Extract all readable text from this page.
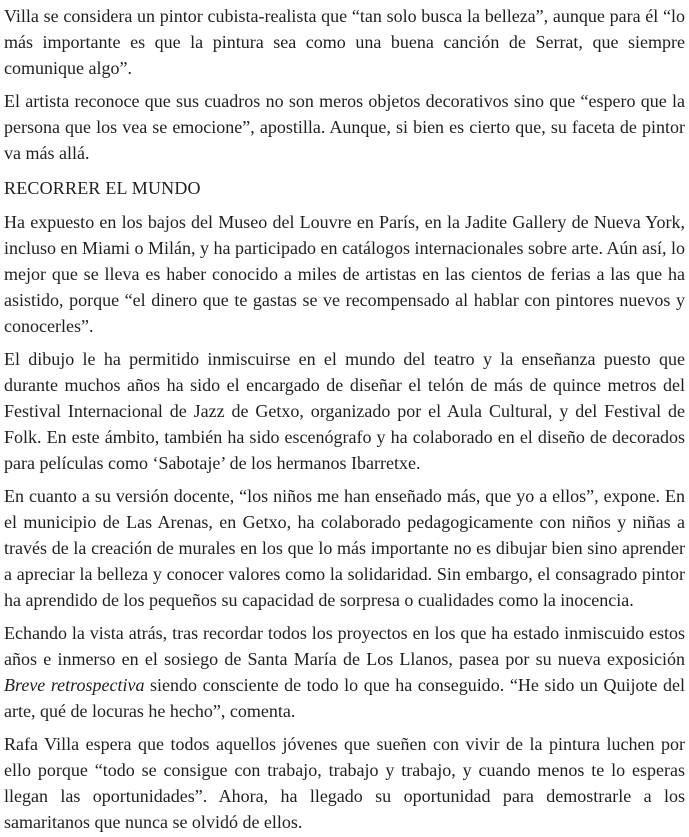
Villa se considera un pintor cubista-realista que “tan solo busca la belleza”, aunque para él “lo más importante es que la pintura sea como una buena canción de Serrat, que siempre comunique algo”.

El artista reconoce que sus cuadros no son meros objetos decorativos sino que “espero que la persona que los vea se emocione”, apostilla. Aunque, si bien es cierto que, su faceta de pintor va más allá.

RECORRER EL MUNDO

Ha expuesto en los bajos del Museo del Louvre en París, en la Jadite Gallery de Nueva York, incluso en Miami o Milán, y ha participado en catálogos internacionales sobre arte. Aún así, lo mejor que se lleva es haber conocido a miles de artistas en las cientos de ferias a las que ha asistido, porque “el dinero que te gastas se ve recompensado al hablar con pintores nuevos y conocerles”.

El dibujo le ha permitido inmiscuirse en el mundo del teatro y la enseñanza puesto que durante muchos años ha sido el encargado de diseñar el telón de más de quince metros del Festival Internacional de Jazz de Getxo, organizado por el Aula Cultural, y del Festival de Folk. En este ámbito, también ha sido escenógrafo y ha colaborado en el diseño de decorados para películas como ‘Sabotaje’ de los hermanos Ibarretxe.

En cuanto a su versión docente, “los niños me han enseñado más, que yo a ellos”, expone. En el municipio de Las Arenas, en Getxo, ha colaborado pedagogicamente con niños y niñas a través de la creación de murales en los que lo más importante no es dibujar bien sino aprender a apreciar la belleza y conocer valores como la solidaridad. Sin embargo, el consagrado pintor ha aprendido de los pequeños su capacidad de sorpresa o cualidades como la inocencia.

Echando la vista atrás, tras recordar todos los proyectos en los que ha estado inmiscuido estos años e inmerso en el sosiego de Santa María de Los Llanos, pasea por su nueva exposición Breve retrospectiva siendo consciente de todo lo que ha conseguido. “He sido un Quijote del arte, qué de locuras he hecho”, comenta.

Rafa Villa espera que todos aquellos jóvenes que sueñen con vivir de la pintura luchen por ello porque “todo se consigue con trabajo, trabajo y trabajo, y cuando menos te lo esperas llegan las oportunidades”. Ahora, ha llegado su oportunidad para demostrarle a los samaritanos que nunca se olvidó de ellos.
